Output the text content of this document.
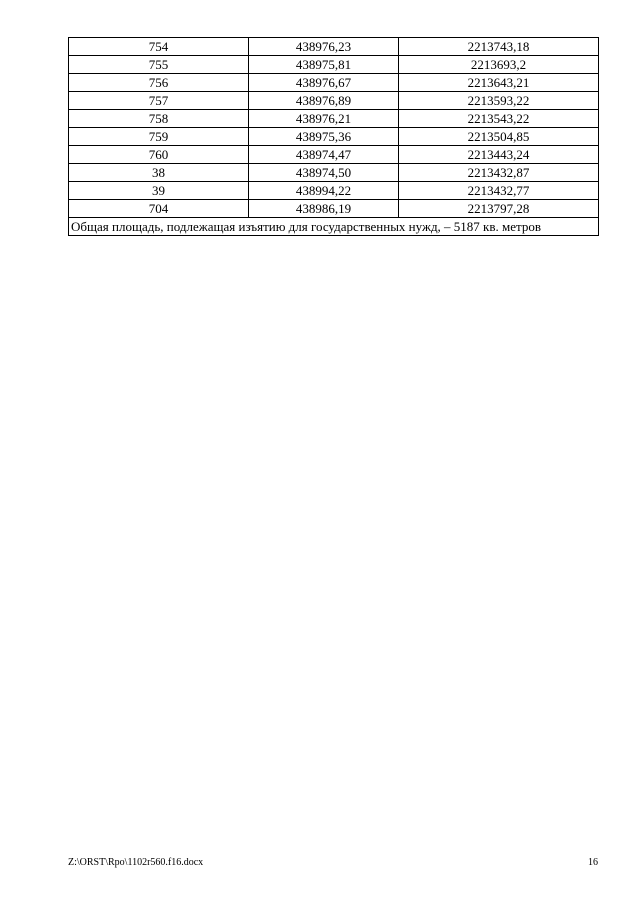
754	438976,23	2213743,18
755	438975,81	2213693,2
756	438976,67	2213643,21
757	438976,89	2213593,22
758	438976,21	2213543,22
759	438975,36	2213504,85
760	438974,47	2213443,24
38	438974,50	2213432,87
39	438994,22	2213432,77
704	438986,19	2213797,28
Общая площадь, подлежащая изъятию для государственных нужд, – 5187 кв. метров		
Z:\ORST\Rpo\1102r560.f16.docx	16
